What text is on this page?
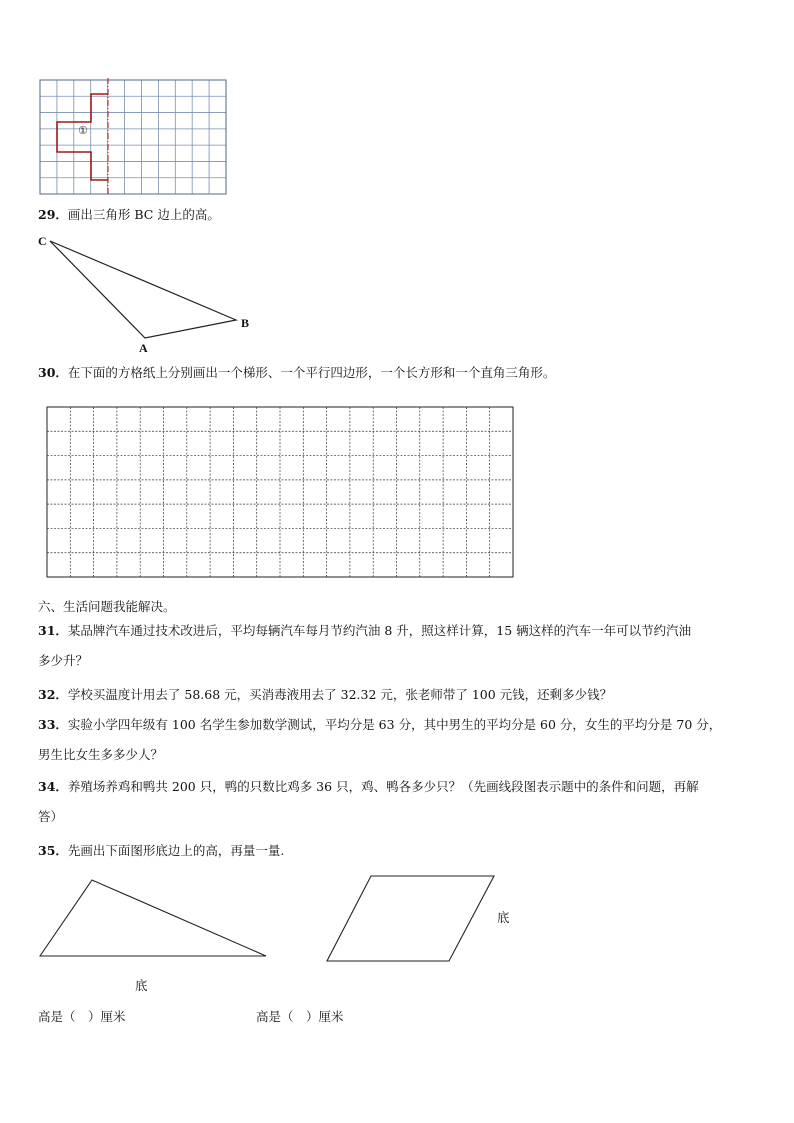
①
29．画出三角形 BC 边上的高。
C
B
A
30．在下面的方格纸上分别画出一个梯形、一个平行四边形，一个长方形和一个直角三角形。
六、生活问题我能解决。
31．某品牌汽车通过技术改进后，平均每辆汽车每月节约汽油 8 升，照这样计算，15 辆这样的汽车一年可以节约汽油
多少升？
32．学校买温度计用去了 58.68 元，买消毒液用去了 32.32 元，张老师带了 100 元钱，还剩多少钱？
33．实验小学四年级有 100 名学生参加数学测试，平均分是 63 分，其中男生的平均分是 60 分，女生的平均分是 70 分，
男生比女生多多少人？
34．养殖场养鸡和鸭共 200 只，鸭的只数比鸡多 36 只，鸡、鸭各多少只？（先画线段图表示题中的条件和问题，再解
答）
35．先画出下面图形底边上的高，再量一量.
底
底
高是（　）厘米	高是（　）厘米
